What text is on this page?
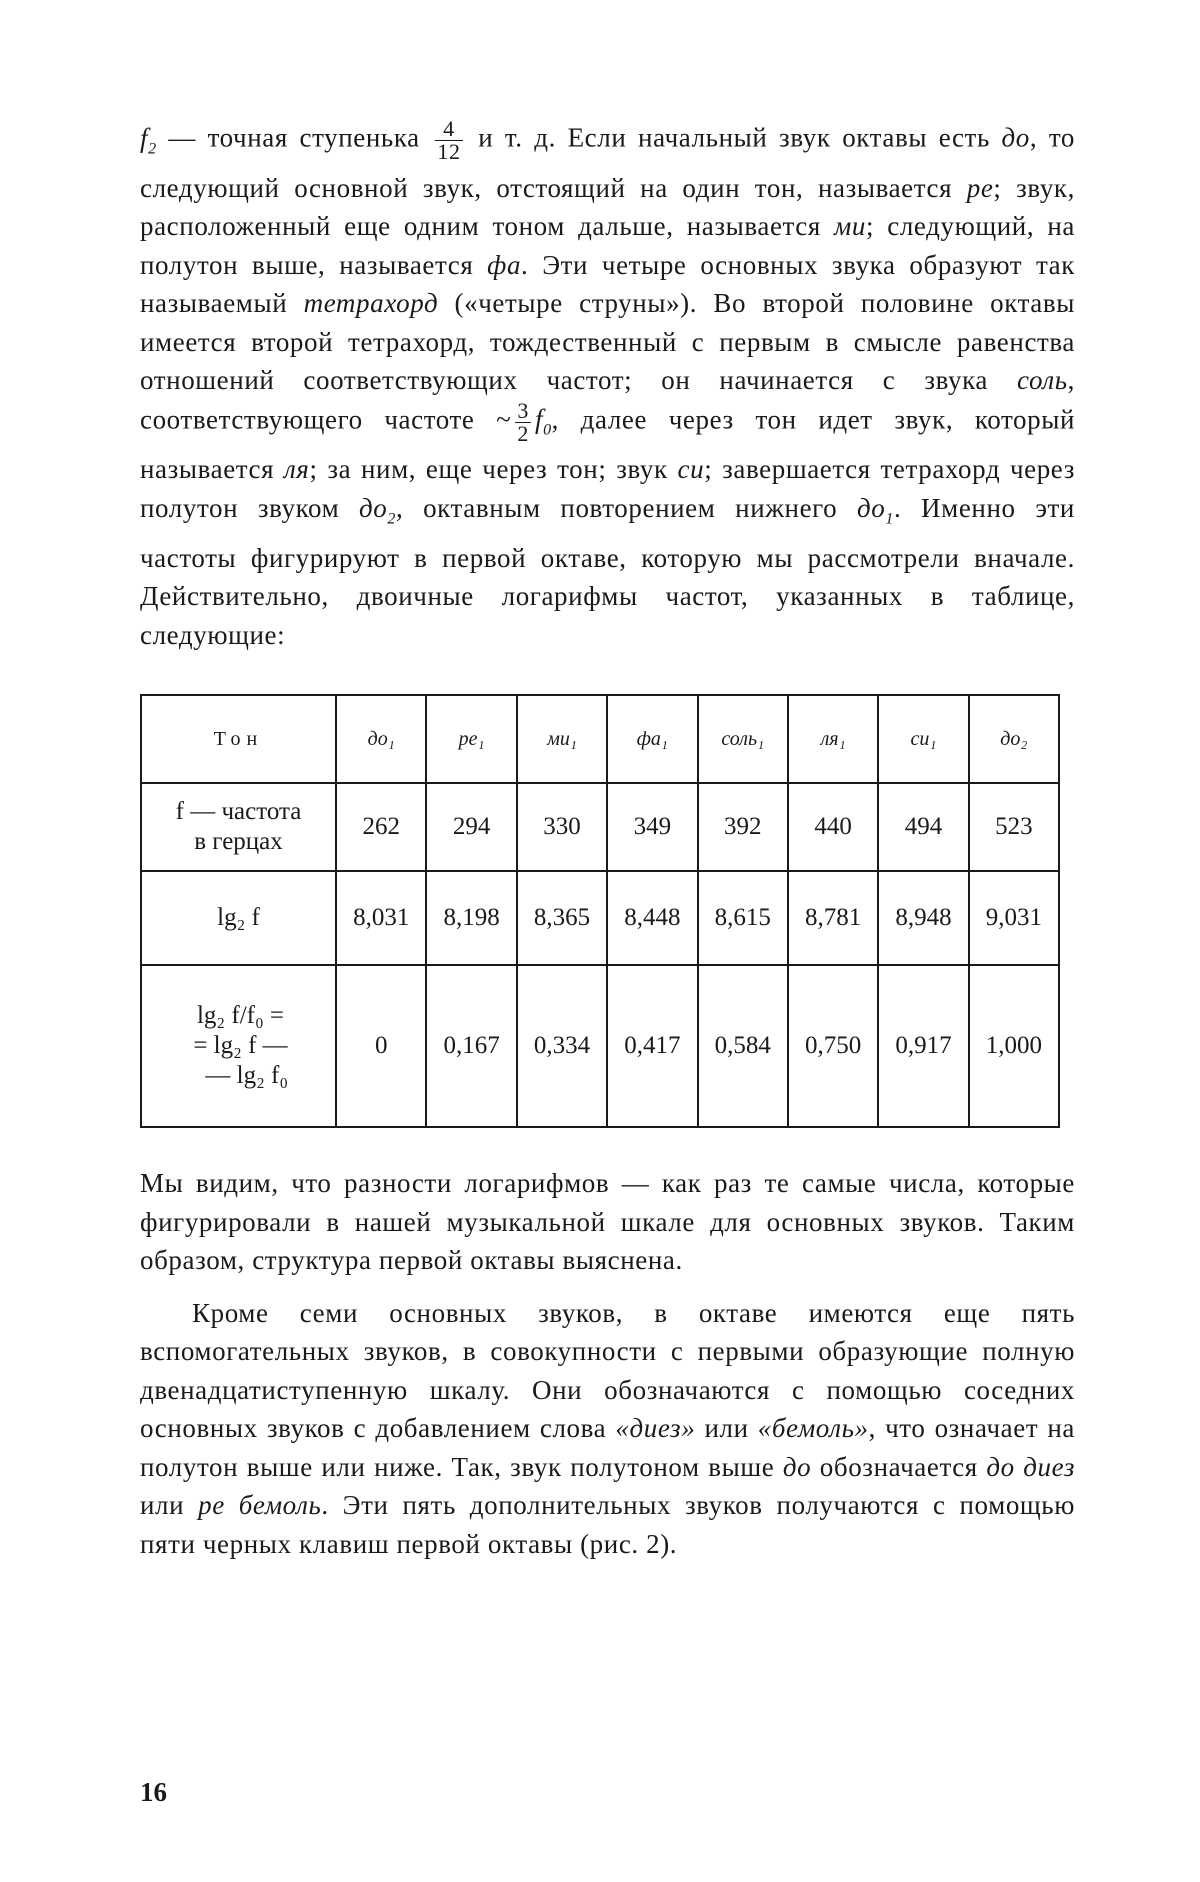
f2 — точная ступенька 4
12 и т. д. Если начальный звук октавы есть до, то следующий основной звук, отстоящий на один тон, называется ре; звук, расположенный еще одним тоном дальше, называется ми; следующий, на полутон выше, называется фа. Эти четыре основных звука образуют так называемый тетрахорд («четыре струны»). Во второй половине октавы имеется второй тетрахорд, тождественный с первым в смысле равенства отношений соответствующих частот; он начинается с звука соль, соответствующего частоте ~ 3
2 f0, далее через тон идет звук, который называется ля; за ним, еще через тон; звук си; завершается тетрахорд через полутон звуком до2, октавным повторением нижнего до1. Именно эти частоты фигурируют в первой октаве, которую мы рассмотрели вначале. Действительно, двоичные логарифмы частот, указанных в таблице, следующие:

Тон	до₁	ре₁	ми₁	фа₁	соль₁	ля₁	си₁	до₂
f — частота
в герцах	262	294	330	349	392	440	494	523
lg₂ f	8,031	8,198	8,365	8,448	8,615	8,781	8,948	9,031
lg₂ f/f₀ =
= lg₂ f —
— lg₂ f₀	0	0,167	0,334	0,417	0,584	0,750	0,917	1,000

Мы видим, что разности логарифмов — как раз те самые числа, которые фигурировали в нашей музыкальной шкале для основных звуков. Таким образом, структура первой октавы выяснена.

Кроме семи основных звуков, в октаве имеются еще пять вспомогательных звуков, в совокупности с первыми образующие полную двенадцатиступенную шкалу. Они обозначаются с помощью соседних основных звуков с добавлением слова «диез» или «бемоль», что означает на полутон выше или ниже. Так, звук полутоном выше до обозначается до диез или ре бемоль. Эти пять дополнительных звуков получаются с помощью пяти черных клавиш первой октавы (рис. 2).

16
